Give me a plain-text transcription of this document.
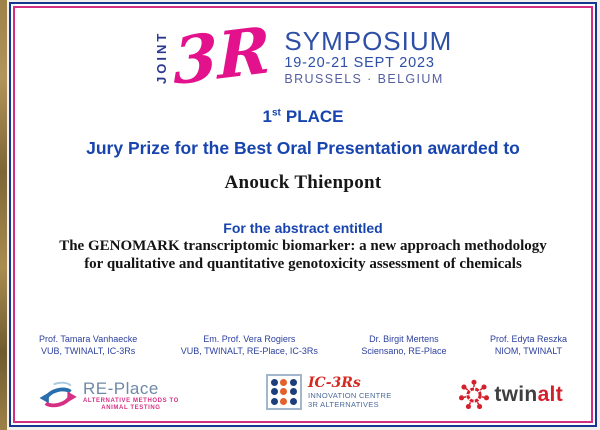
JOINT 3R SYMPOSIUM
19-20-21 SEPT 2023
BRUSSELS · BELGIUM
1st PLACE
Jury Prize for the Best Oral Presentation awarded to
Anouck Thienpont
For the abstract entitled
The GENOMARK transcriptomic biomarker: a new approach methodology
for qualitative and quantitative genotoxicity assessment of chemicals
Prof. Tamara Vanhaecke
VUB, TWINALT, IC-3Rs
Em. Prof. Vera Rogiers
VUB, TWINALT, RE-Place, IC-3Rs
Dr. Birgit Mertens
Sciensano, RE-Place
Prof. Edyta Reszka
NIOM, TWINALT
RE-Place
ALTERNATIVE METHODS TO
ANIMAL TESTING
IC-3Rs
INNOVATION CENTRE
3R ALTERNATIVES	twinalt
